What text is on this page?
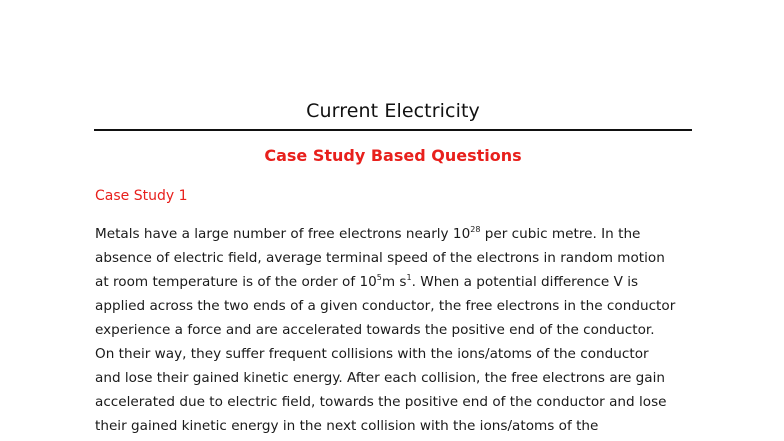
Current Electricity
Case Study Based Questions
Case Study 1
Metals have a large number of free electrons nearly $10^{28}$ per cubic metre. In the
absence of electric field, average terminal speed of the electrons in random motion
at room temperature is of the order of $10^5m$ $s^1$. When a potential difference V is
applied across the two ends of a given conductor, the free electrons in the conductor
experience a force and are accelerated towards the positive end of the conductor.
On their way, they suffer frequent collisions with the ions/atoms of the conductor
and lose their gained kinetic energy. After each collision, the free electrons are gain
accelerated due to electric field, towards the positive end of the conductor and lose
their gained kinetic energy in the next collision with the ions/atoms of the
